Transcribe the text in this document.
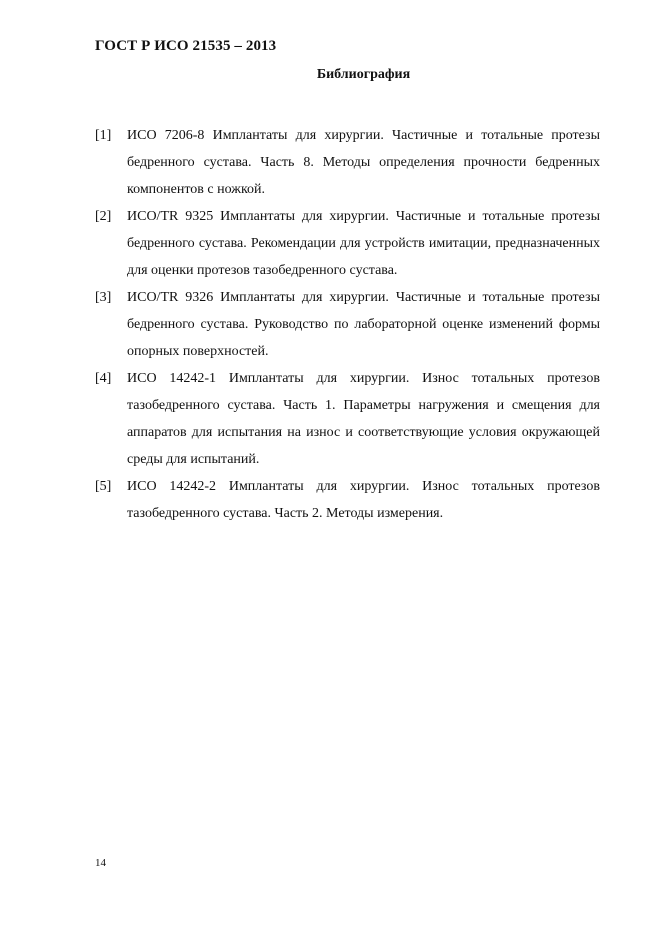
ГОСТ Р ИСО 21535 – 2013
Библиография
[1]	ИСО 7206-8 Имплантаты для хирургии. Частичные и тотальные протезы бедренного сустава. Часть 8. Методы определения прочности бедренных компонентов с ножкой.
[2]	ИСО/TR 9325 Имплантаты для хирургии. Частичные и тотальные протезы бедренного сустава. Рекомендации для устройств имитации, предназначенных для оценки протезов тазобедренного сустава.
[3]	ИСО/TR 9326 Имплантаты для хирургии. Частичные и тотальные протезы бедренного сустава. Руководство по лабораторной оценке изменений формы опорных поверхностей.
[4]	ИСО 14242-1 Имплантаты для хирургии. Износ тотальных протезов тазобедренного сустава. Часть 1. Параметры нагружения и смещения для аппаратов для испытания на износ и соответствующие условия окружающей среды для испытаний.
[5]	ИСО 14242-2 Имплантаты для хирургии. Износ тотальных протезов тазобедренного сустава. Часть 2. Методы измерения.
14
